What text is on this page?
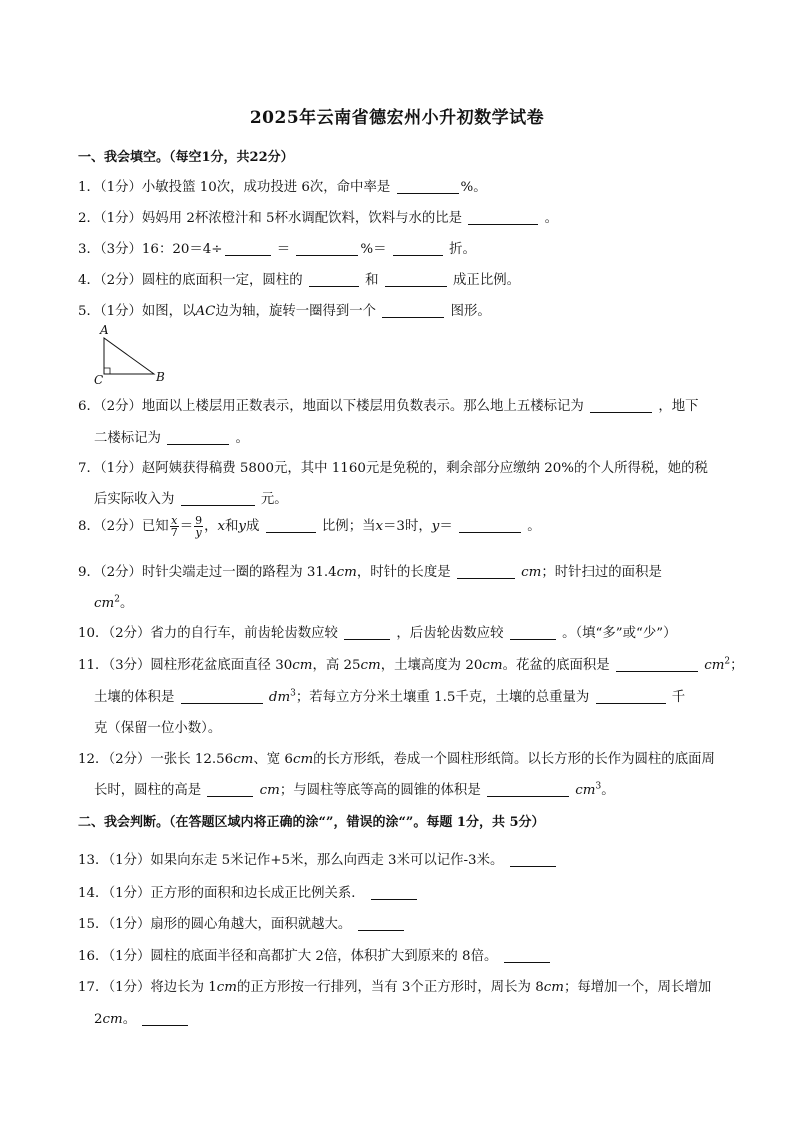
2025年云南省德宏州小升初数学试卷
一、我会填空。（每空1分，共22分）
1．（1分）小敏投篮 10次，成功投进 6次，命中率是	%。
2．（1分）妈妈用 2杯浓橙汁和 5杯水调配饮料，饮料与水的比是	。
3．（3分）16：20＝4÷	＝	%＝	折。
4．（2分）圆柱的底面积一定，圆柱的	和	成正比例。
5．（1分）如图，以AC边为轴，旋转一圈得到一个	图形。
A
C	B
6．（2分）地面以上楼层用正数表示，地面以下楼层用负数表示。那么地上五楼标记为	，地下
二楼标记为	。
7．（1分）赵阿姨获得稿费 5800元，其中 1160元是免税的，剩余部分应缴纳 20%的个人所得税，她的税
后实际收入为	元。
8．（2分）已知 $\frac{x}{7} = \frac{9}{y}$ ，x和y成	比例；当x＝3时，y＝	。
9．（2分）时针尖端走过一圈的路程为 31.4cm，时针的长度是	cm；时针扫过的面积是
$cm^2$。
10．（2分）省力的自行车，前齿轮齿数应较	，后齿轮齿数应较	。（填“多”或“少”）
11．（3分）圆柱形花盆底面直径 30cm，高 25cm，土壤高度为 20cm。花盆的底面积是	$cm^2$；
土壤的体积是	$dm^3$；若每立方分米土壤重 1.5千克，土壤的总重量为	千
克（保留一位小数）。
12．（2分）一张长 12.56cm、宽 6cm的长方形纸，卷成一个圆柱形纸筒。以长方形的长作为圆柱的底面周
长时，圆柱的高是	cm；与圆柱等底等高的圆锥的体积是	$cm^3$。
二、我会判断。（在答题区域内将正确的涂“”，错误的涂“”。每题 1分，共 5分）
13．（1分）如果向东走 5米记作+5米，那么向西走 3米可以记作-3米。
14．（1分）正方形的面积和边长成正比例关系．
15．（1分）扇形的圆心角越大，面积就越大。
16．（1分）圆柱的底面半径和高都扩大 2倍，体积扩大到原来的 8倍。
17．（1分）将边长为 1cm的正方形按一行排列，当有 3个正方形时，周长为 8cm；每增加一个，周长增加
2cm。
